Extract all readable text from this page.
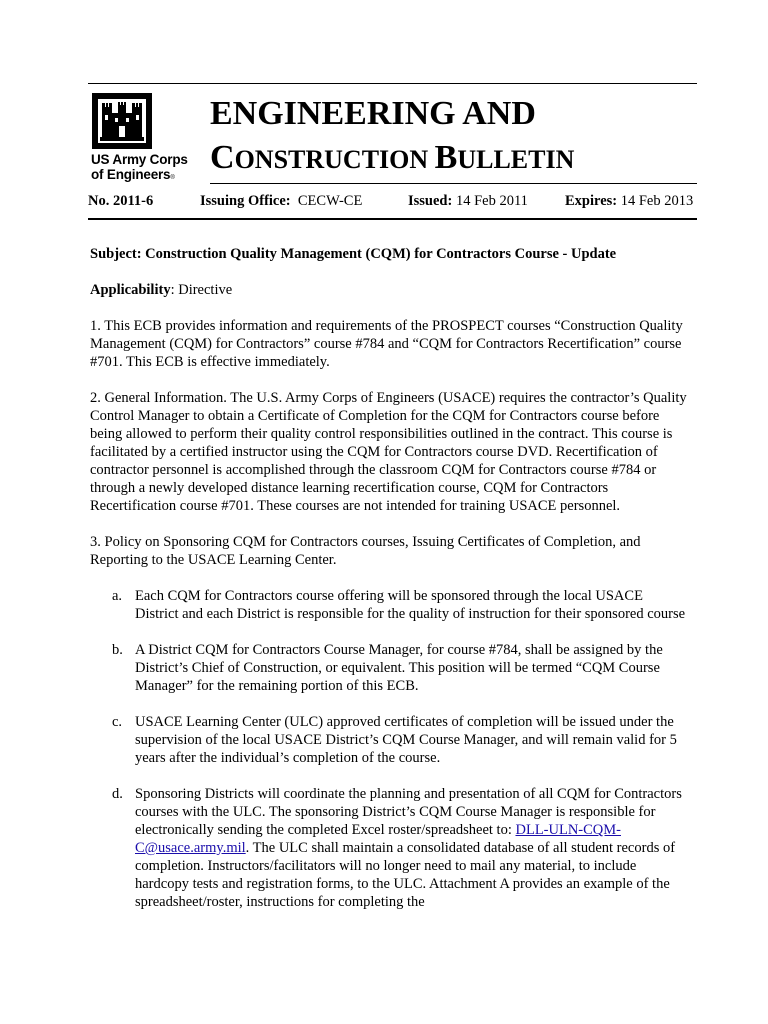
US Army Corps
of Engineers®
ENGINEERING AND
CONSTRUCTION BULLETIN
No. 2011-6	Issuing Office: CECW-CE	Issued: 14 Feb 2011	Expires: 14 Feb 2013

Subject: Construction Quality Management (CQM) for Contractors Course - Update

Applicability: Directive

1. This ECB provides information and requirements of the PROSPECT courses “Construction Quality Management (CQM) for Contractors” course #784 and “CQM for Contractors Recertification” course #701. This ECB is effective immediately.

2. General Information. The U.S. Army Corps of Engineers (USACE) requires the contractor’s Quality Control Manager to obtain a Certificate of Completion for the CQM for Contractors course before being allowed to perform their quality control responsibilities outlined in the contract. This course is facilitated by a certified instructor using the CQM for Contractors course DVD. Recertification of contractor personnel is accomplished through the classroom CQM for Contractors course #784 or through a newly developed distance learning recertification course, CQM for Contractors Recertification course #701. These courses are not intended for training USACE personnel.

3. Policy on Sponsoring CQM for Contractors courses, Issuing Certificates of Completion, and Reporting to the USACE Learning Center.

a. Each CQM for Contractors course offering will be sponsored through the local USACE District and each District is responsible for the quality of instruction for their sponsored course
b. A District CQM for Contractors Course Manager, for course #784, shall be assigned by the District’s Chief of Construction, or equivalent. This position will be termed “CQM Course Manager” for the remaining portion of this ECB.
c. USACE Learning Center (ULC) approved certificates of completion will be issued under the supervision of the local USACE District’s CQM Course Manager, and will remain valid for 5 years after the individual’s completion of the course.
d. Sponsoring Districts will coordinate the planning and presentation of all CQM for Contractors courses with the ULC. The sponsoring District’s CQM Course Manager is responsible for electronically sending the completed Excel roster/spreadsheet to: DLL-ULN-CQM-C@usace.army.mil. The ULC shall maintain a consolidated database of all student records of completion. Instructors/facilitators will no longer need to mail any material, to include hardcopy tests and registration forms, to the ULC. Attachment A provides an example of the spreadsheet/roster, instructions for completing the
